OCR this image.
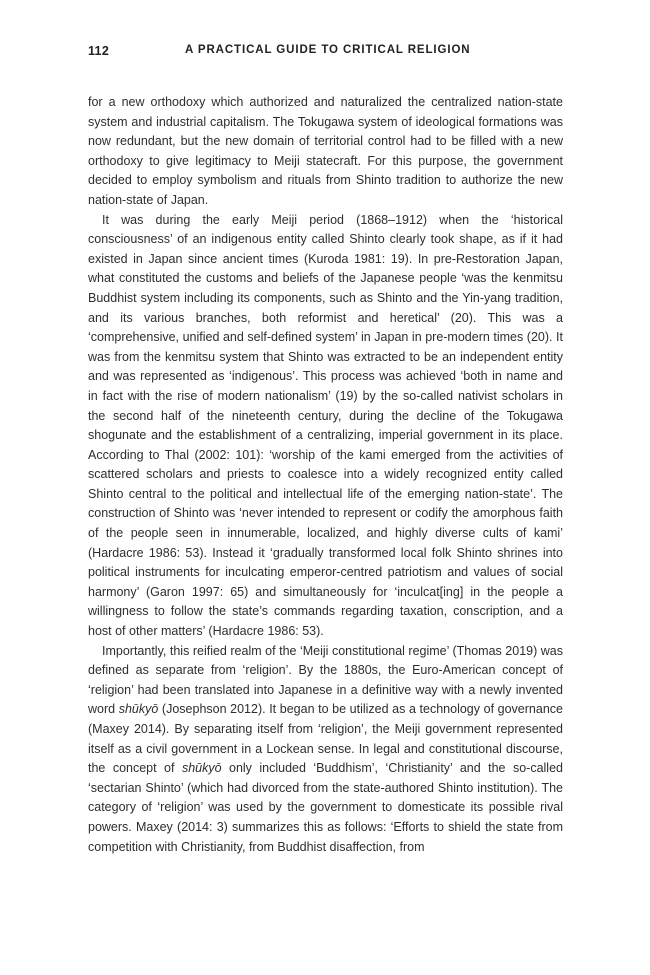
112	A PRACTICAL GUIDE TO CRITICAL RELIGION

for a new orthodoxy which authorized and naturalized the centralized nation-state system and industrial capitalism. The Tokugawa system of ideological formations was now redundant, but the new domain of territorial control had to be filled with a new orthodoxy to give legitimacy to Meiji statecraft. For this purpose, the government decided to employ symbolism and rituals from Shinto tradition to authorize the new nation-state of Japan.

It was during the early Meiji period (1868–1912) when the ‘historical consciousness’ of an indigenous entity called Shinto clearly took shape, as if it had existed in Japan since ancient times (Kuroda 1981: 19). In pre-Restoration Japan, what constituted the customs and beliefs of the Japanese people ‘was the kenmitsu Buddhist system including its components, such as Shinto and the Yin-yang tradition, and its various branches, both reformist and heretical’ (20). This was a ‘comprehensive, unified and self-defined system’ in Japan in pre-modern times (20). It was from the kenmitsu system that Shinto was extracted to be an independent entity and was represented as ‘indigenous’. This process was achieved ‘both in name and in fact with the rise of modern nationalism’ (19) by the so-called nativist scholars in the second half of the nineteenth century, during the decline of the Tokugawa shogunate and the establishment of a centralizing, imperial government in its place. According to Thal (2002: 101): ‘worship of the kami emerged from the activities of scattered scholars and priests to coalesce into a widely recognized entity called Shinto central to the political and intellectual life of the emerging nation-state’. The construction of Shinto was ‘never intended to represent or codify the amorphous faith of the people seen in innumerable, localized, and highly diverse cults of kami’ (Hardacre 1986: 53). Instead it ‘gradually transformed local folk Shinto shrines into political instruments for inculcating emperor-centred patriotism and values of social harmony’ (Garon 1997: 65) and simultaneously for ‘inculcat[ing] in the people a willingness to follow the state’s commands regarding taxation, conscription, and a host of other matters’ (Hardacre 1986: 53).

Importantly, this reified realm of the ‘Meiji constitutional regime’ (Thomas 2019) was defined as separate from ‘religion’. By the 1880s, the Euro-American concept of ‘religion’ had been translated into Japanese in a definitive way with a newly invented word shūkyō (Josephson 2012). It began to be utilized as a technology of governance (Maxey 2014). By separating itself from ‘religion’, the Meiji government represented itself as a civil government in a Lockean sense. In legal and constitutional discourse, the concept of shūkyō only included ‘Buddhism’, ‘Christianity’ and the so-called ‘sectarian Shinto’ (which had divorced from the state-authored Shinto institution). The category of ‘religion’ was used by the government to domesticate its possible rival powers. Maxey (2014: 3) summarizes this as follows: ‘Efforts to shield the state from competition with Christianity, from Buddhist disaffection, from
